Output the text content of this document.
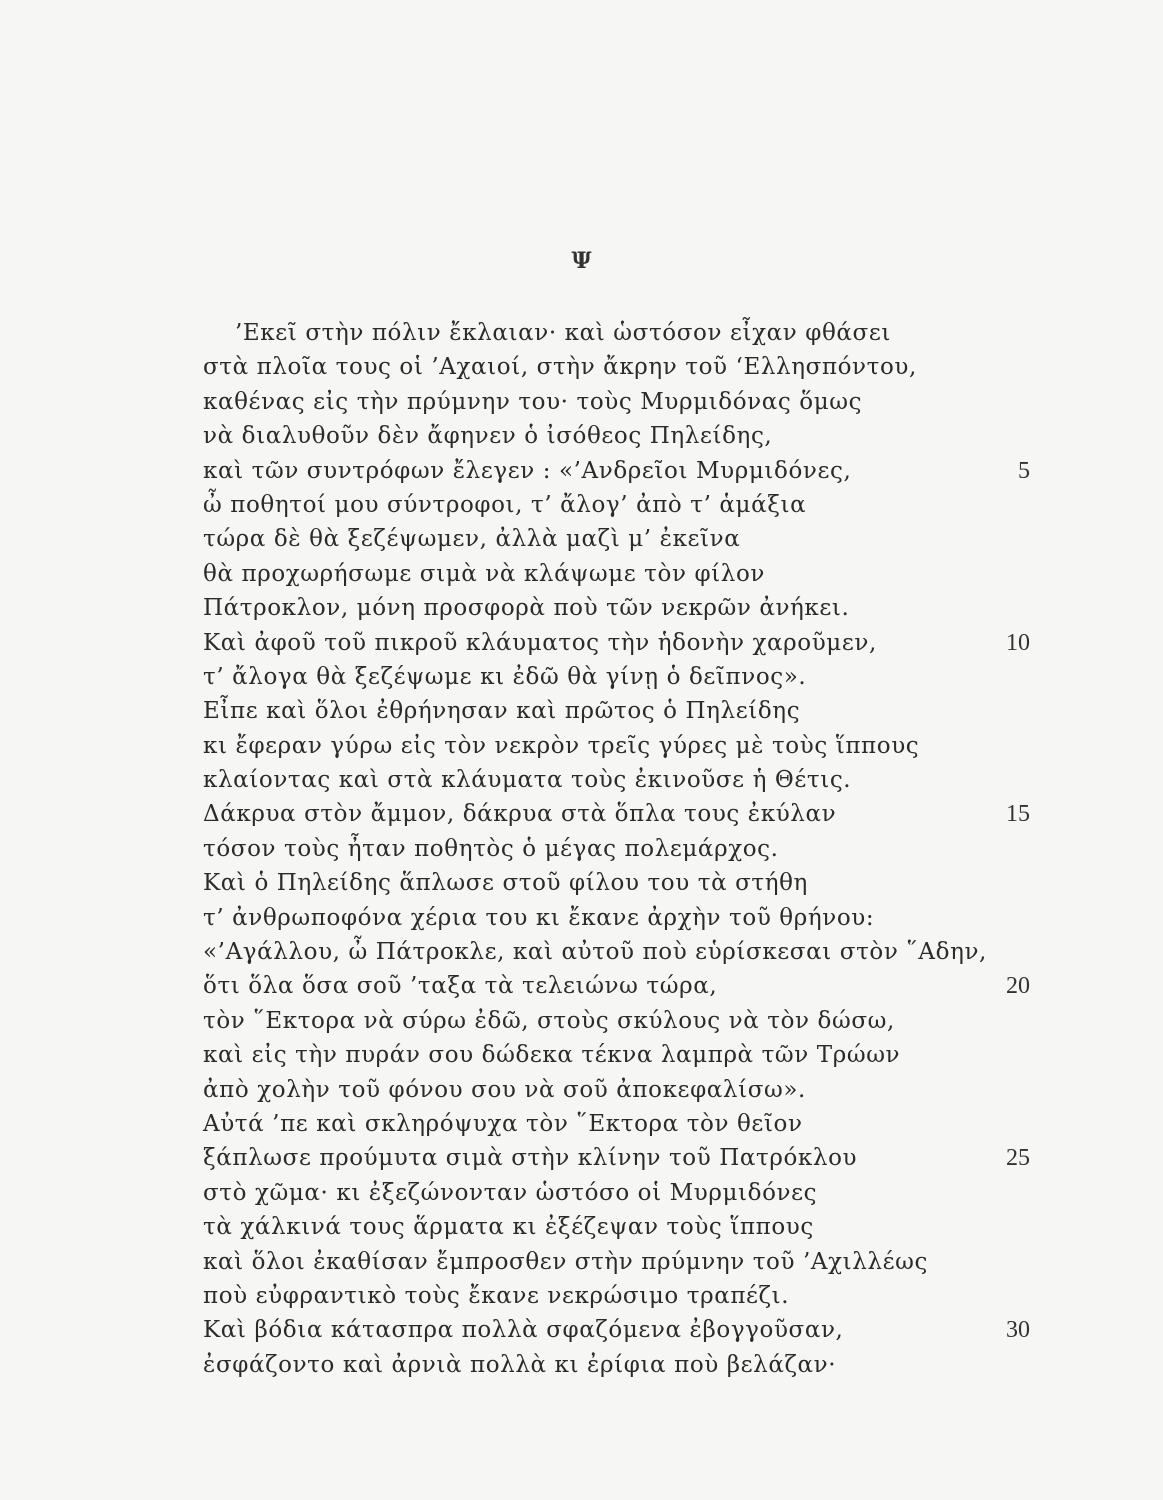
Ψ
’Εκεῖ στὴν πόλιν ἔκλαιαν· καὶ ὡστόσον εἶχαν φθάσει
στὰ πλοῖα τους οἱ ’Αχαιοί, στὴν ἄκρην τοῦ ‘Ελλησπόντου,
καθένας εἰς τὴν πρύμνην του· τοὺς Μυρμιδόνας ὅμως
νὰ διαλυθοῦν δὲν ἄφηνεν ὁ ἰσόθεος Πηλείδης,
καὶ τῶν συντρόφων ἔλεγεν : «’Ανδρεῖοι Μυρμιδόνες,	5
ὦ ποθητοί μου σύντροφοι, τ’ ἄλογ’ ἀπὸ τ’ ἁμάξια
τώρα δὲ θὰ ξεζέψωμεν, ἀλλὰ μαζὶ μ’ ἐκεῖνα
θὰ προχωρήσωμε σιμὰ νὰ κλάψωμε τὸν φίλον
Πάτροκλον, μόνη προσφορὰ ποὺ τῶν νεκρῶν ἀνήκει.
Καὶ ἀφοῦ τοῦ πικροῦ κλάυματος τὴν ἡδονὴν χαροῦμεν,	10
τ’ ἄλογα θὰ ξεζέψωμε κι ἐδῶ θὰ γίνῃ ὁ δεῖπνος».
Εἶπε καὶ ὅλοι ἐθρήνησαν καὶ πρῶτος ὁ Πηλείδης
κι ἔφεραν γύρω εἰς τὸν νεκρὸν τρεῖς γύρες μὲ τοὺς ἵππους
κλαίοντας καὶ στὰ κλάυματα τοὺς ἐκινοῦσε ἡ Θέτις.
Δάκρυα στὸν ἄμμον, δάκρυα στὰ ὅπλα τους ἐκύλαν	15
τόσον τοὺς ἦταν ποθητὸς ὁ μέγας πολεμάρχος.
Καὶ ὁ Πηλείδης ἅπλωσε στοῦ φίλου του τὰ στήθη
τ’ ἀνθρωποφόνα χέρια του κι ἔκανε ἀρχὴν τοῦ θρήνου:
«’Αγάλλου, ὦ Πάτροκλε, καὶ αὐτοῦ ποὺ εὑρίσκεσαι στὸν ῞Αδην,
ὅτι ὅλα ὅσα σοῦ ’ταξα τὰ τελειώνω τώρα,	20
τὸν ῞Εκτορα νὰ σύρω ἐδῶ, στοὺς σκύλους νὰ τὸν δώσω,
καὶ εἰς τὴν πυράν σου δώδεκα τέκνα λαμπρὰ τῶν Τρώων
ἀπὸ χολὴν τοῦ φόνου σου νὰ σοῦ ἀποκεφαλίσω».
Αὐτά ’πε καὶ σκληρόψυχα τὸν ῞Εκτορα τὸν θεῖον
ξάπλωσε προύμυτα σιμὰ στὴν κλίνην τοῦ Πατρόκλου	25
στὸ χῶμα· κι ἐξεζώνονταν ὡστόσο οἱ Μυρμιδόνες
τὰ χάλκινά τους ἅρματα κι ἐξέζεψαν τοὺς ἵππους
καὶ ὅλοι ἐκαθίσαν ἔμπροσθεν στὴν πρύμνην τοῦ ’Αχιλλέως
ποὺ εὐφραντικὸ τοὺς ἔκανε νεκρώσιμο τραπέζι.
Καὶ βόδια κάτασπρα πολλὰ σφαζόμενα ἐβογγοῦσαν,	30
ἐσφάζοντο καὶ ἀρνιὰ πολλὰ κι ἐρίφια ποὺ βελάζαν·
